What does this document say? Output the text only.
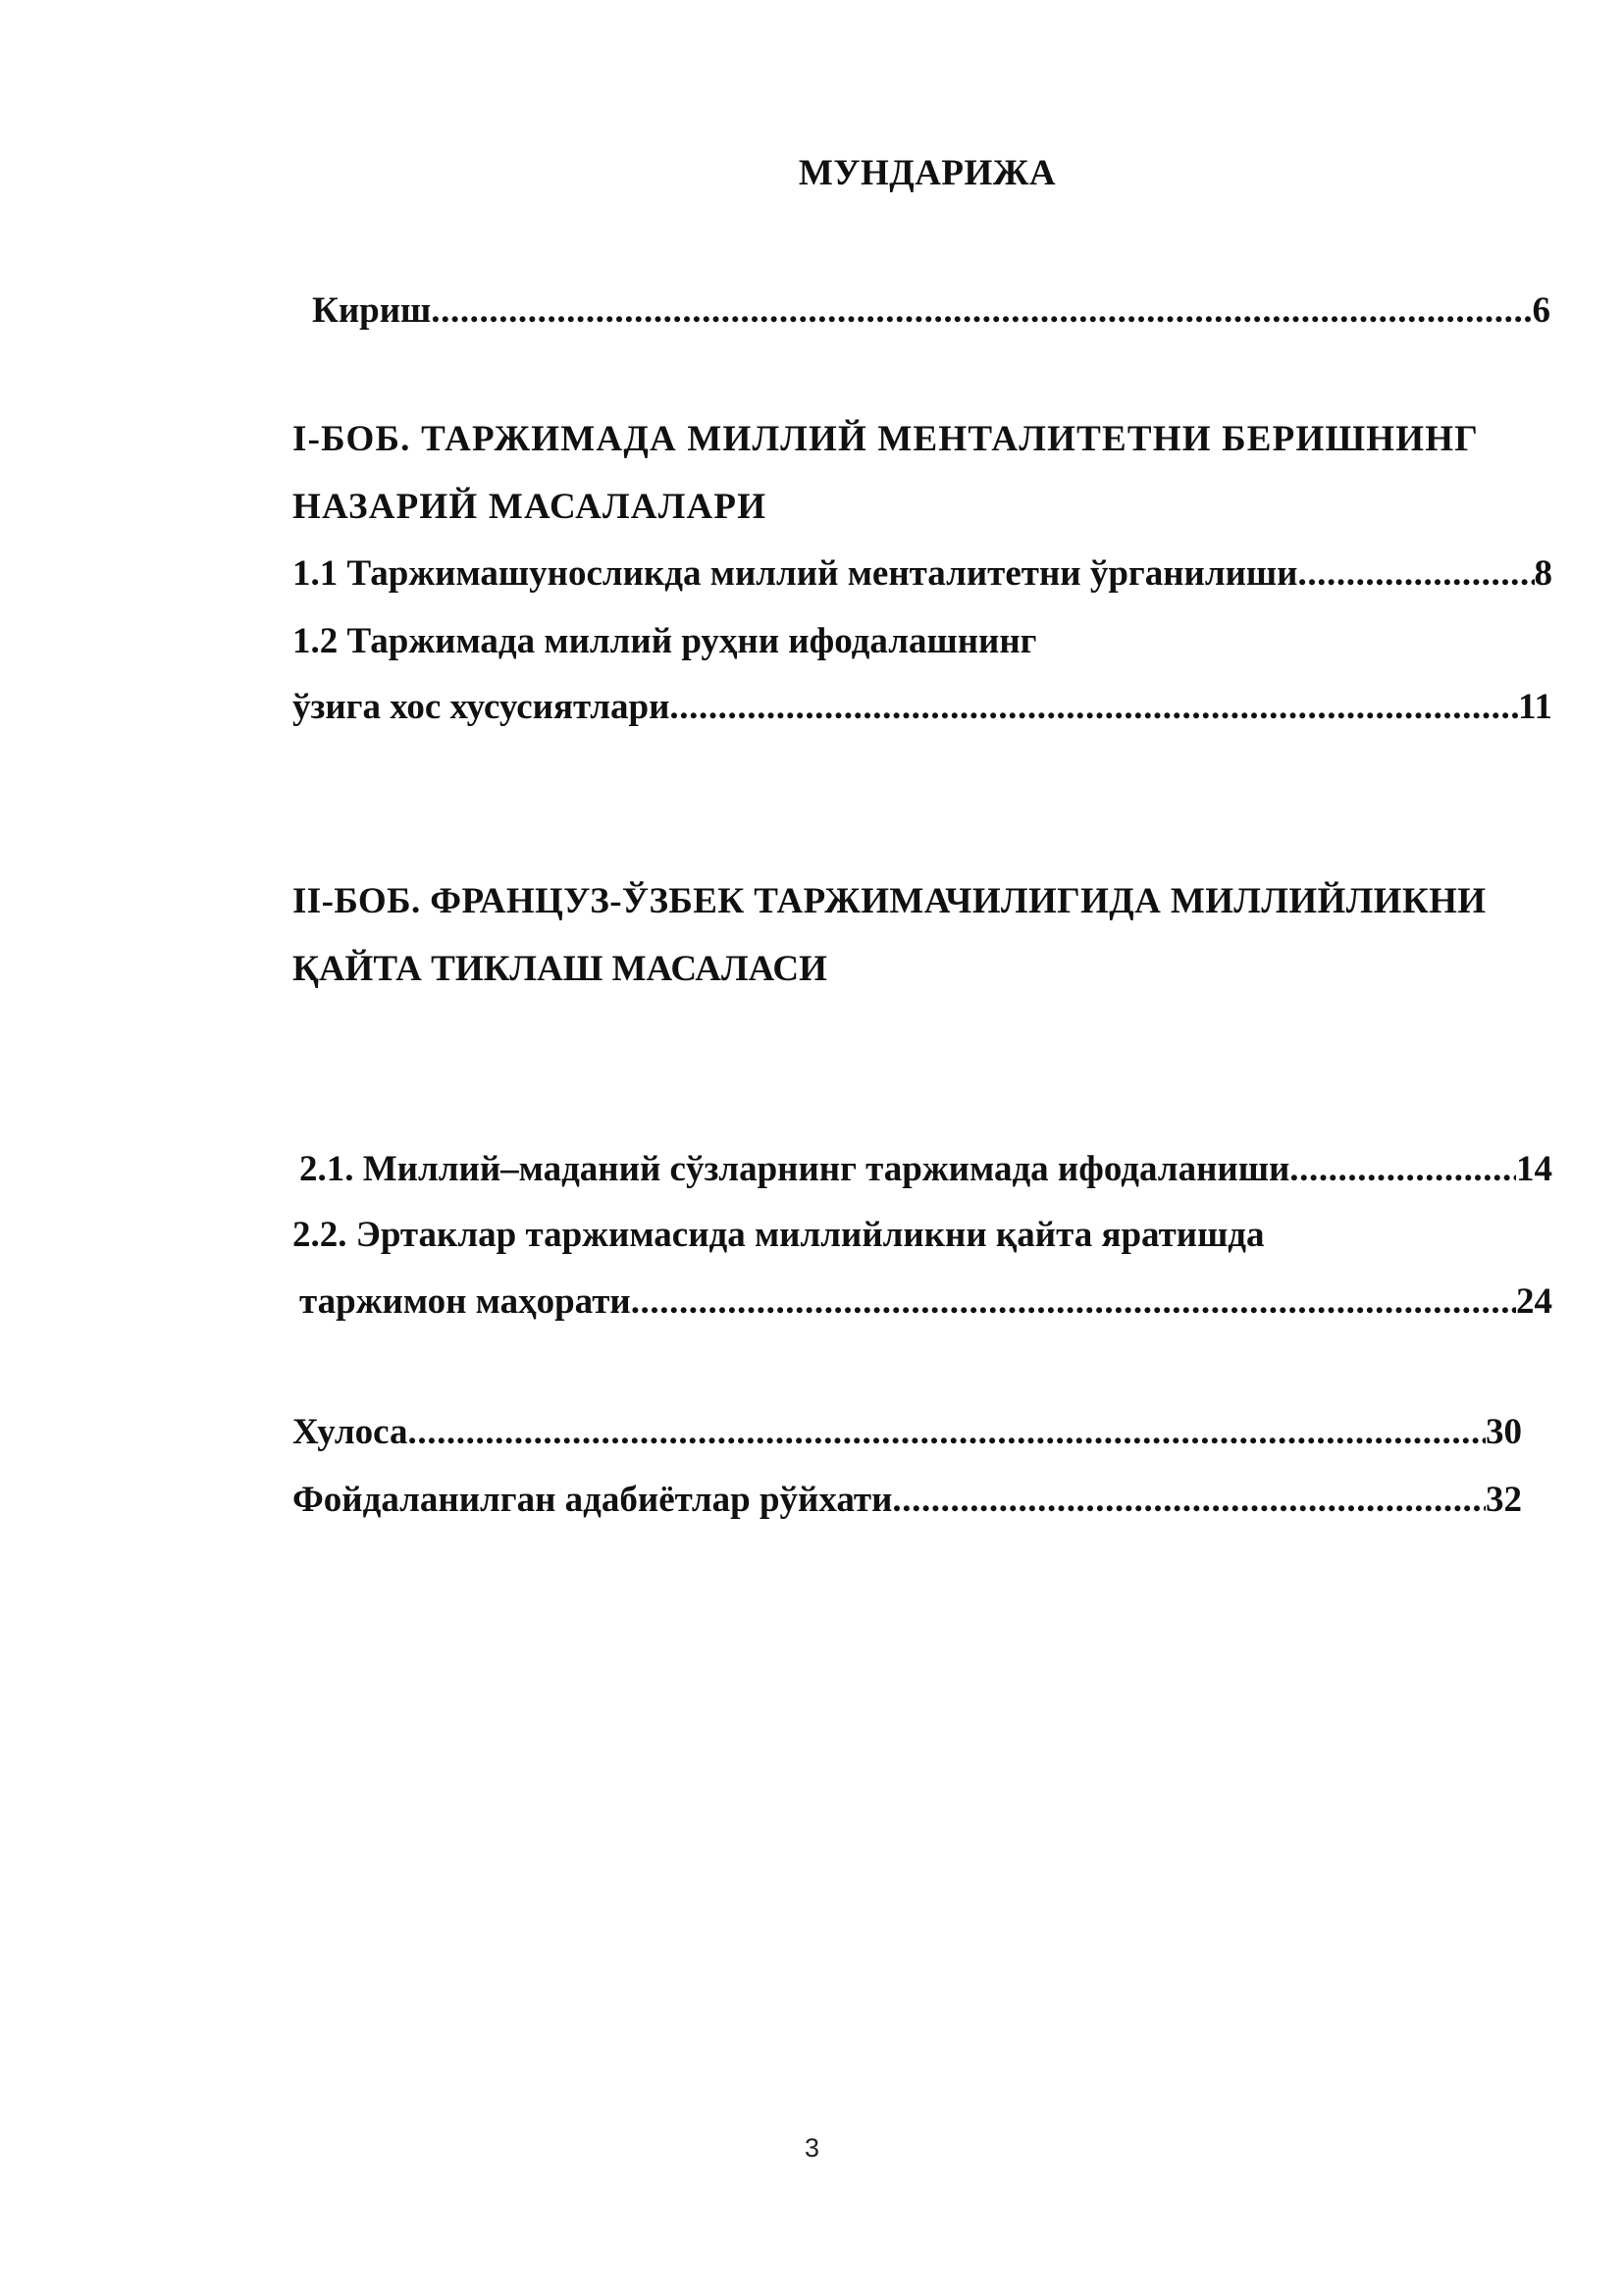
МУНДАРИЖА
Кириш .....	6
I-БОБ. ТАРЖИМАДА МИЛЛИЙ МЕНТАЛИТЕТНИ БЕРИШНИНГ
НАЗАРИЙ МАСАЛАЛАРИ
1.1 Таржимашуносликда миллий менталитетни ўрганилиши .....	8
1.2 Таржимада миллий руҳни ифодалашнинг
ўзига хос хусусиятлари .....	11
II-БОБ. ФРАНЦУЗ-ЎЗБЕК ТАРЖИМАЧИЛИГИДА МИЛЛИЙЛИКНИ
ҚАЙТА ТИКЛАШ МАСАЛАСИ
2.1. Миллий–маданий сўзларнинг таржимада ифодаланиши .....	14
2.2. Эртаклар таржимасида миллийликни қайта яратишда
таржимон маҳорати .....	24
Хулоса .....	30
Фойдаланилган адабиётлар рўйхати .....	32
3
